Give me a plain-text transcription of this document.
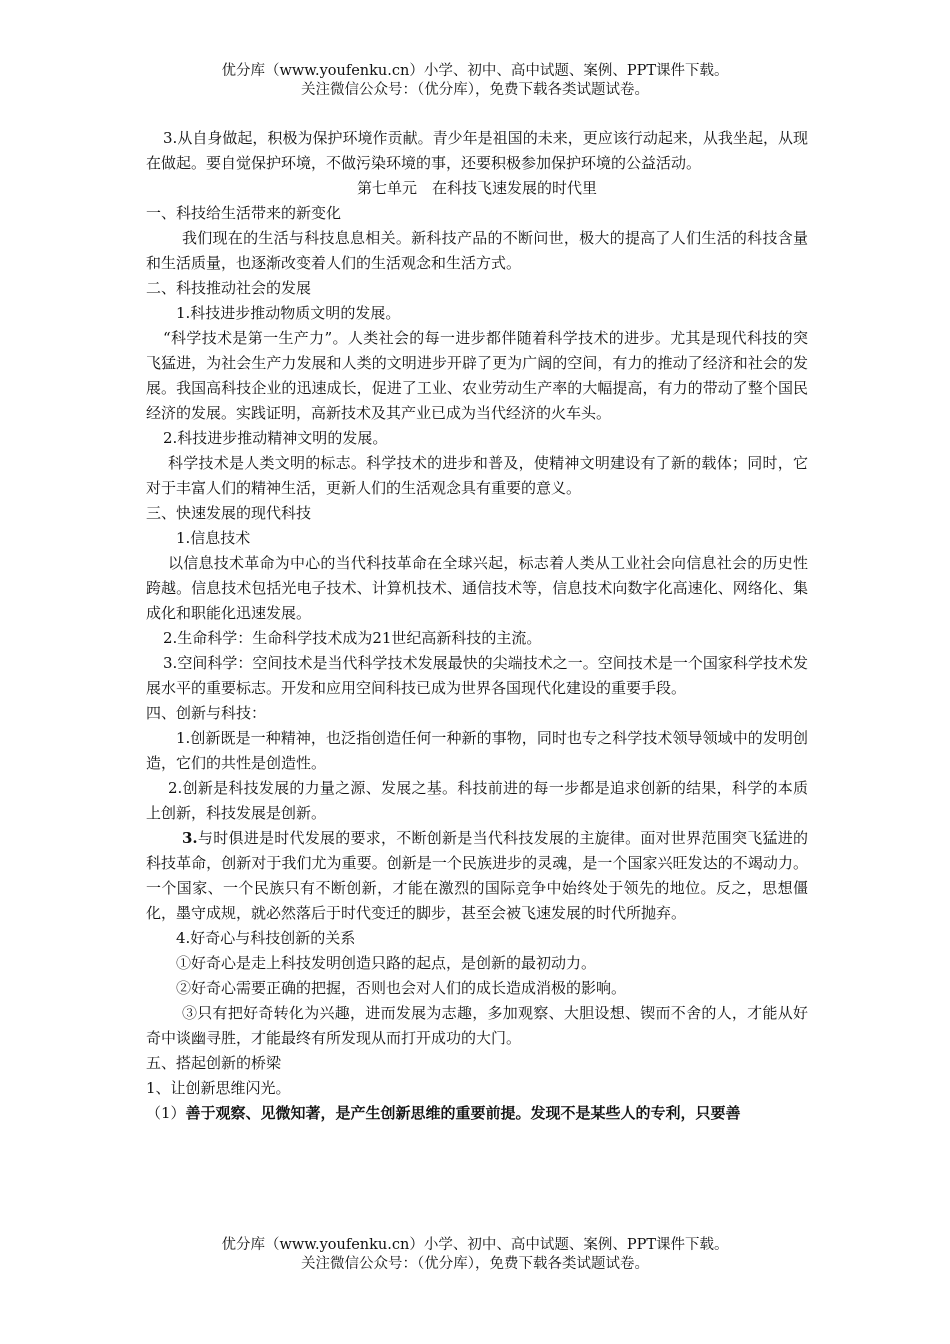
优分库（www.youfenku.cn）小学、初中、高中试题、案例、PPT课件下载。
关注微信公众号：（优分库），免费下载各类试题试卷。

3.从自身做起，积极为保护环境作贡献。青少年是祖国的未来，更应该行动起来，从我坐起，从现在做起。要自觉保护环境，不做污染环境的事，还要积极参加保护环境的公益活动。

第七单元　在科技飞速发展的时代里

一、科技给生活带来的新变化

我们现在的生活与科技息息相关。新科技产品的不断问世，极大的提高了人们生活的科技含量和生活质量，也逐渐改变着人们的生活观念和生活方式。

二、科技推动社会的发展

1.科技进步推动物质文明的发展。

“科学技术是第一生产力”。人类社会的每一进步都伴随着科学技术的进步。尤其是现代科技的突飞猛进，为社会生产力发展和人类的文明进步开辟了更为广阔的空间，有力的推动了经济和社会的发展。我国高科技企业的迅速成长，促进了工业、农业劳动生产率的大幅提高，有力的带动了整个国民经济的发展。实践证明，高新技术及其产业已成为当代经济的火车头。

2.科技进步推动精神文明的发展。

科学技术是人类文明的标志。科学技术的进步和普及，使精神文明建设有了新的载体；同时，它对于丰富人们的精神生活，更新人们的生活观念具有重要的意义。

三、快速发展的现代科技

1.信息技术

以信息技术革命为中心的当代科技革命在全球兴起，标志着人类从工业社会向信息社会的历史性跨越。信息技术包括光电子技术、计算机技术、通信技术等，信息技术向数字化高速化、网络化、集成化和职能化迅速发展。

2.生命科学：生命科学技术成为21世纪高新科技的主流。

3.空间科学：空间技术是当代科学技术发展最快的尖端技术之一。空间技术是一个国家科学技术发展水平的重要标志。开发和应用空间科技已成为世界各国现代化建设的重要手段。

四、创新与科技：

1.创新既是一种精神，也泛指创造任何一种新的事物，同时也专之科学技术领导领域中的发明创造，它们的共性是创造性。

2.创新是科技发展的力量之源、发展之基。科技前进的每一步都是追求创新的结果，科学的本质上创新，科技发展是创新。

3.与时俱进是时代发展的要求，不断创新是当代科技发展的主旋律。面对世界范围突飞猛进的科技革命，创新对于我们尤为重要。创新是一个民族进步的灵魂，是一个国家兴旺发达的不竭动力。一个国家、一个民族只有不断创新，才能在激烈的国际竞争中始终处于领先的地位。反之，思想僵化，墨守成规，就必然落后于时代变迁的脚步，甚至会被飞速发展的时代所抛弃。

4.好奇心与科技创新的关系

①好奇心是走上科技发明创造只路的起点，是创新的最初动力。

②好奇心需要正确的把握，否则也会对人们的成长造成消极的影响。

③只有把好奇转化为兴趣，进而发展为志趣，多加观察、大胆设想、锲而不舍的人，才能从好奇中谈幽寻胜，才能最终有所发现从而打开成功的大门。

五、搭起创新的桥梁

1、让创新思维闪光。

（1）善于观察、见微知著，是产生创新思维的重要前提。发现不是某些人的专利，只要善

优分库（www.youfenku.cn）小学、初中、高中试题、案例、PPT课件下载。
关注微信公众号：（优分库），免费下载各类试题试卷。
